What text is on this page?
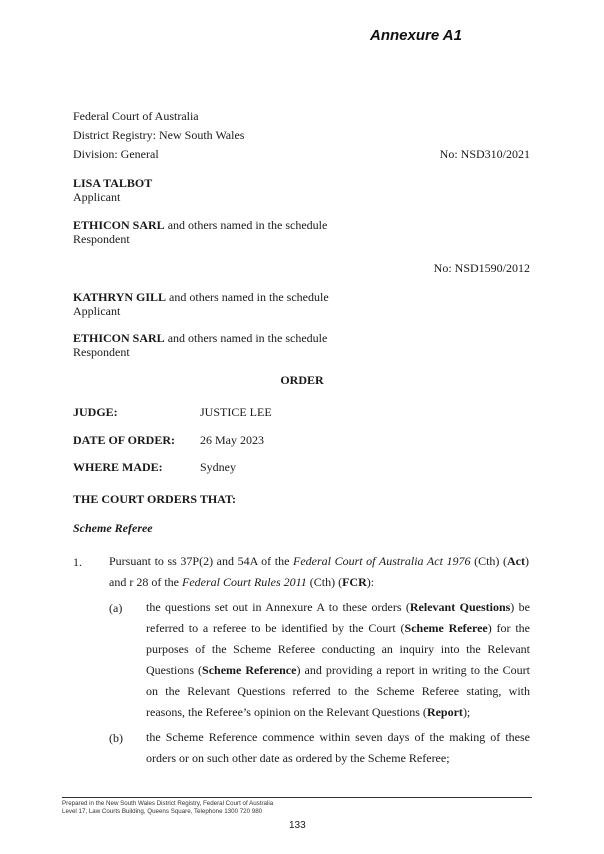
Annexure A1
Federal Court of Australia
District Registry: New South Wales
Division: General	No: NSD310/2021
LISA TALBOT
Applicant
ETHICON SARL and others named in the schedule
Respondent
No: NSD1590/2012
KATHRYN GILL and others named in the schedule
Applicant
ETHICON SARL and others named in the schedule
Respondent
ORDER
JUDGE:	JUSTICE LEE
DATE OF ORDER: 26 May 2023
WHERE MADE:	Sydney
THE COURT ORDERS THAT:
Scheme Referee
1. Pursuant to ss 37P(2) and 54A of the Federal Court of Australia Act 1976 (Cth) (Act)
and r 28 of the Federal Court Rules 2011 (Cth) (FCR):
(a) the questions set out in Annexure A to these orders (Relevant Questions) be
referred to a referee to be identified by the Court (Scheme Referee) for the
purposes of the Scheme Referee conducting an inquiry into the Relevant
Questions (Scheme Reference) and providing a report in writing to the Court
on the Relevant Questions referred to the Scheme Referee stating, with
reasons, the Referee’s opinion on the Relevant Questions (Report);
(b) the Scheme Reference commence within seven days of the making of these
orders or on such other date as ordered by the Scheme Referee;
Prepared in the New South Wales District Registry, Federal Court of Australia
Level 17, Law Courts Building, Queens Square, Telephone 1300 720 980
133
